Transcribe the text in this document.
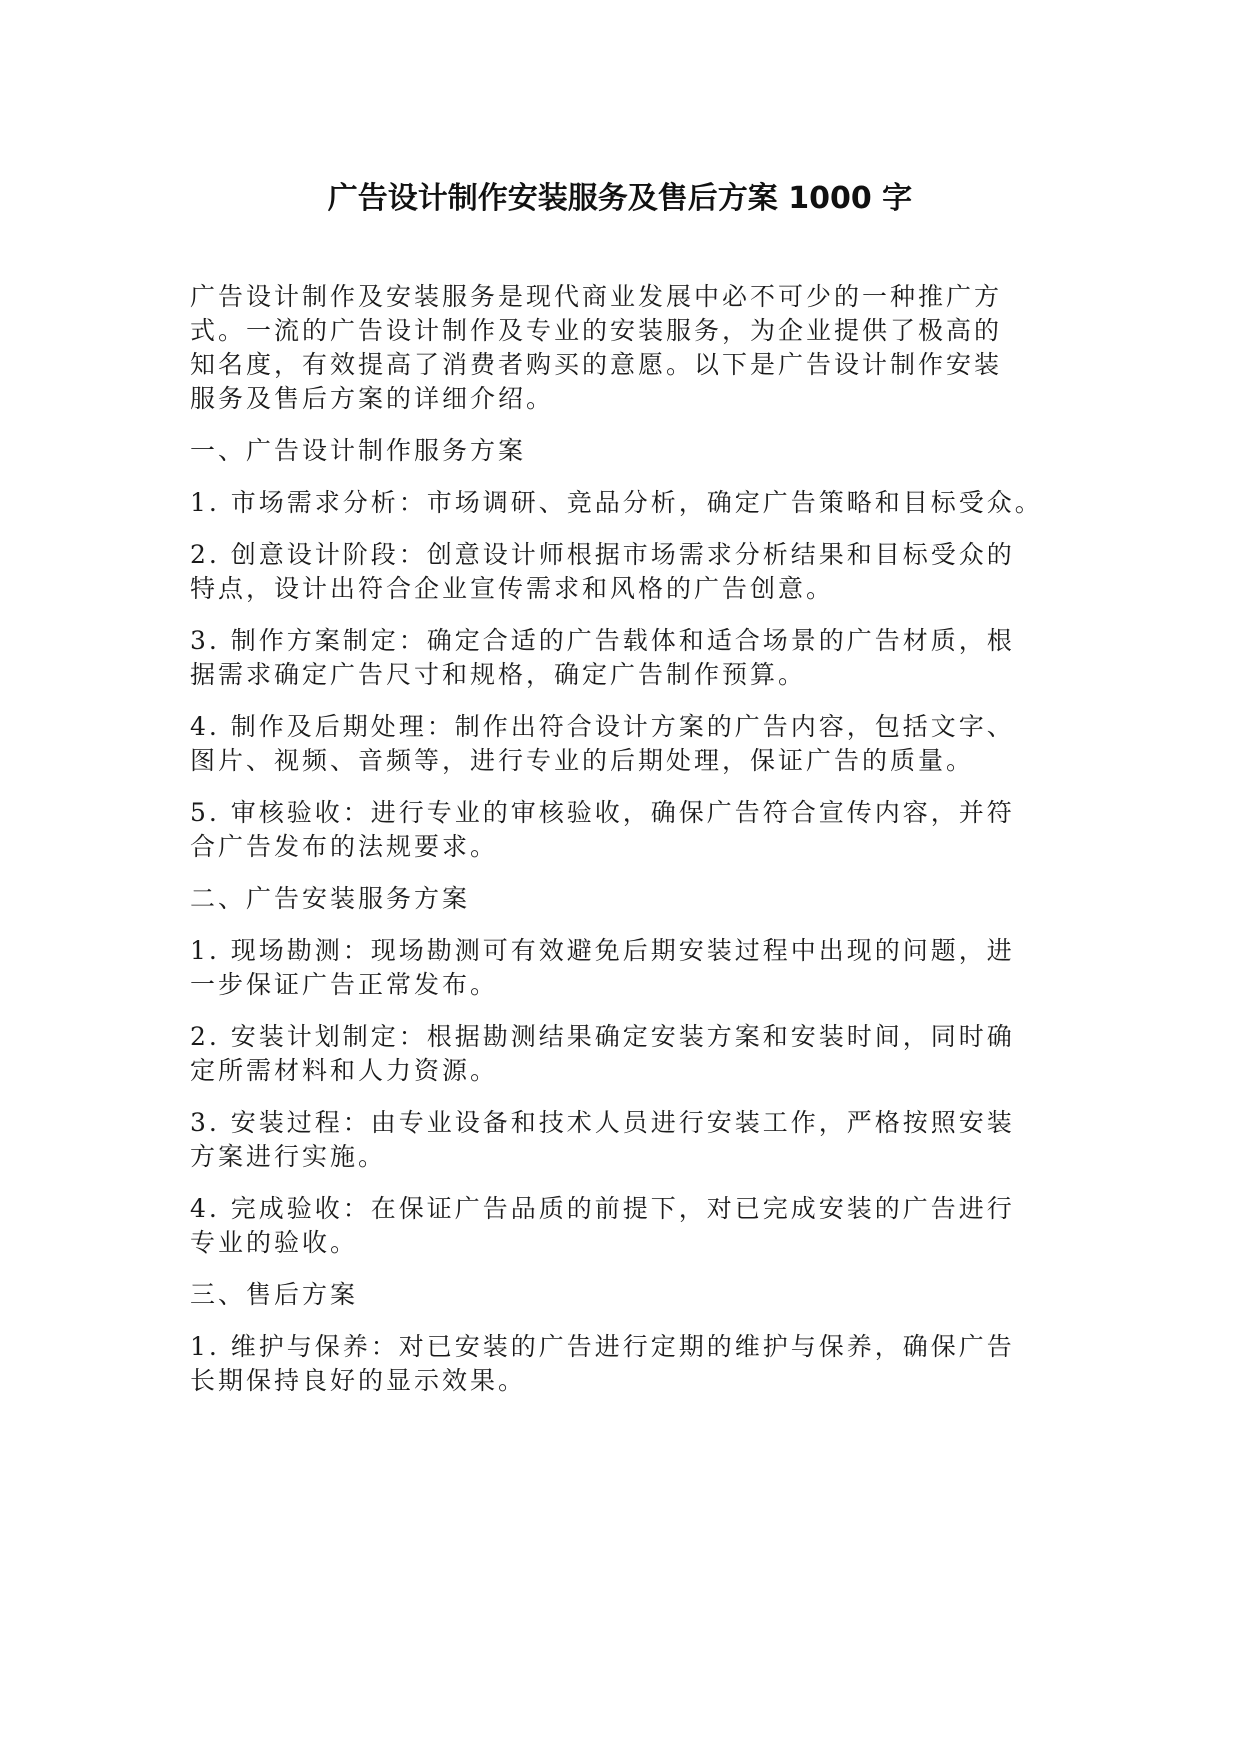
广告设计制作安装服务及售后方案 1000 字

广告设计制作及安装服务是现代商业发展中必不可少的一种推广方
式。一流的广告设计制作及专业的安装服务，为企业提供了极高的
知名度，有效提高了消费者购买的意愿。以下是广告设计制作安装
服务及售后方案的详细介绍。

一、广告设计制作服务方案

1. 市场需求分析：市场调研、竞品分析，确定广告策略和目标受众。

2. 创意设计阶段：创意设计师根据市场需求分析结果和目标受众的
特点，设计出符合企业宣传需求和风格的广告创意。

3. 制作方案制定：确定合适的广告载体和适合场景的广告材质，根
据需求确定广告尺寸和规格，确定广告制作预算。

4. 制作及后期处理：制作出符合设计方案的广告内容，包括文字、
图片、视频、音频等，进行专业的后期处理，保证广告的质量。

5. 审核验收：进行专业的审核验收，确保广告符合宣传内容，并符
合广告发布的法规要求。

二、广告安装服务方案

1. 现场勘测：现场勘测可有效避免后期安装过程中出现的问题，进
一步保证广告正常发布。

2. 安装计划制定：根据勘测结果确定安装方案和安装时间，同时确
定所需材料和人力资源。

3. 安装过程：由专业设备和技术人员进行安装工作，严格按照安装
方案进行实施。

4. 完成验收：在保证广告品质的前提下，对已完成安装的广告进行
专业的验收。

三、售后方案

1. 维护与保养：对已安装的广告进行定期的维护与保养，确保广告
长期保持良好的显示效果。
